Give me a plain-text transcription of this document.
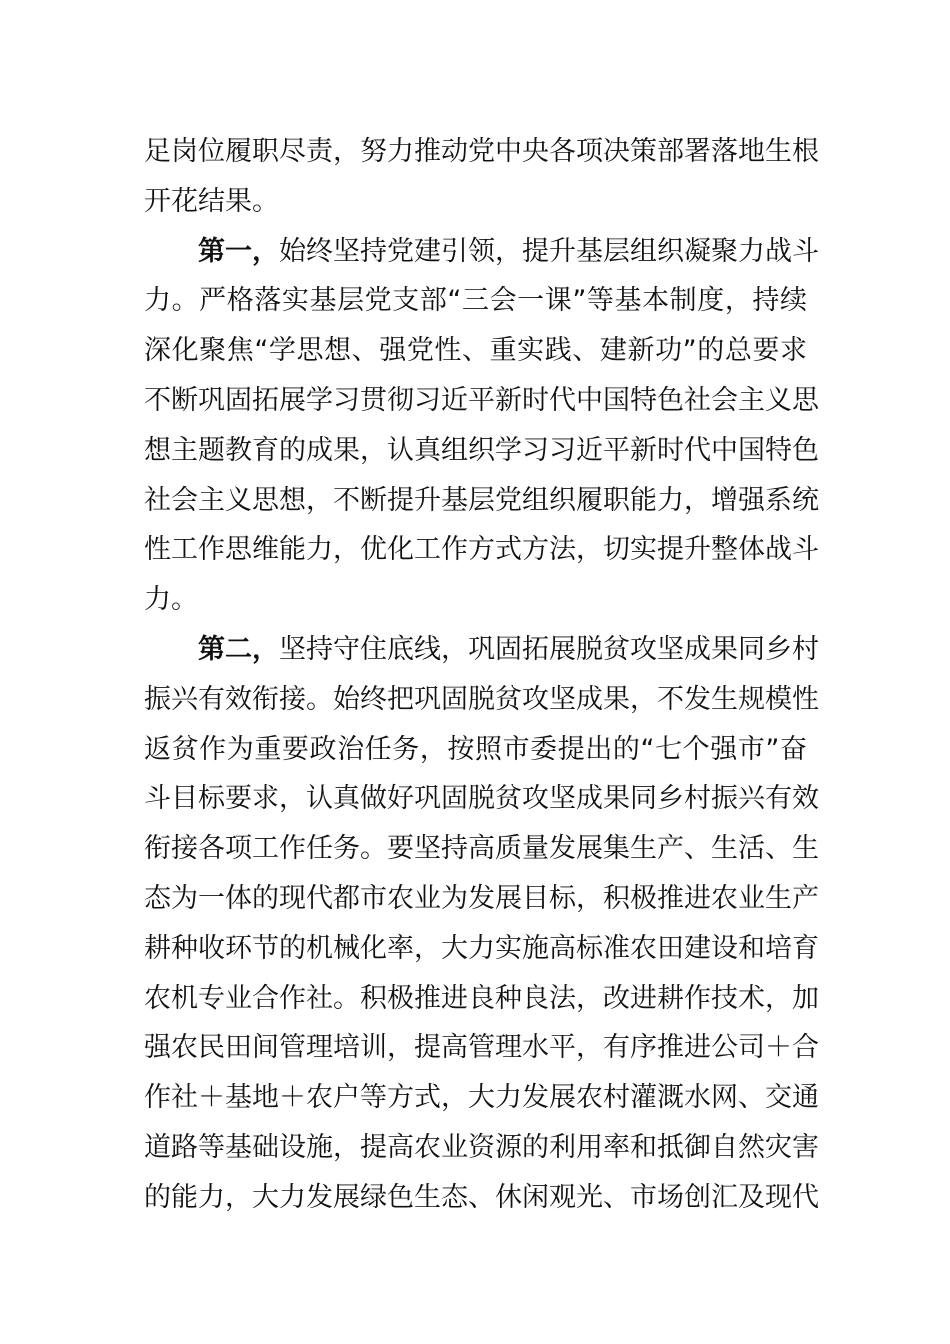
足岗位履职尽责，努力推动党中央各项决策部署落地生根
开花结果。
第一，始终坚持党建引领，提升基层组织凝聚力战斗
力。严格落实基层党支部“三会一课”等基本制度，持续
深化聚焦“学思想、强党性、重实践、建新功”的总要求
不断巩固拓展学习贯彻习近平新时代中国特色社会主义思
想主题教育的成果，认真组织学习习近平新时代中国特色
社会主义思想，不断提升基层党组织履职能力，增强系统
性工作思维能力，优化工作方式方法，切实提升整体战斗
力。
第二，坚持守住底线，巩固拓展脱贫攻坚成果同乡村
振兴有效衔接。始终把巩固脱贫攻坚成果，不发生规模性
返贫作为重要政治任务，按照市委提出的“七个强市”奋
斗目标要求，认真做好巩固脱贫攻坚成果同乡村振兴有效
衔接各项工作任务。要坚持高质量发展集生产、生活、生
态为一体的现代都市农业为发展目标，积极推进农业生产
耕种收环节的机械化率，大力实施高标准农田建设和培育
农机专业合作社。积极推进良种良法，改进耕作技术，加
强农民田间管理培训，提高管理水平，有序推进公司＋合
作社＋基地＋农户等方式，大力发展农村灌溉水网、交通
道路等基础设施，提高农业资源的利用率和抵御自然灾害
的能力，大力发展绿色生态、休闲观光、市场创汇及现代
